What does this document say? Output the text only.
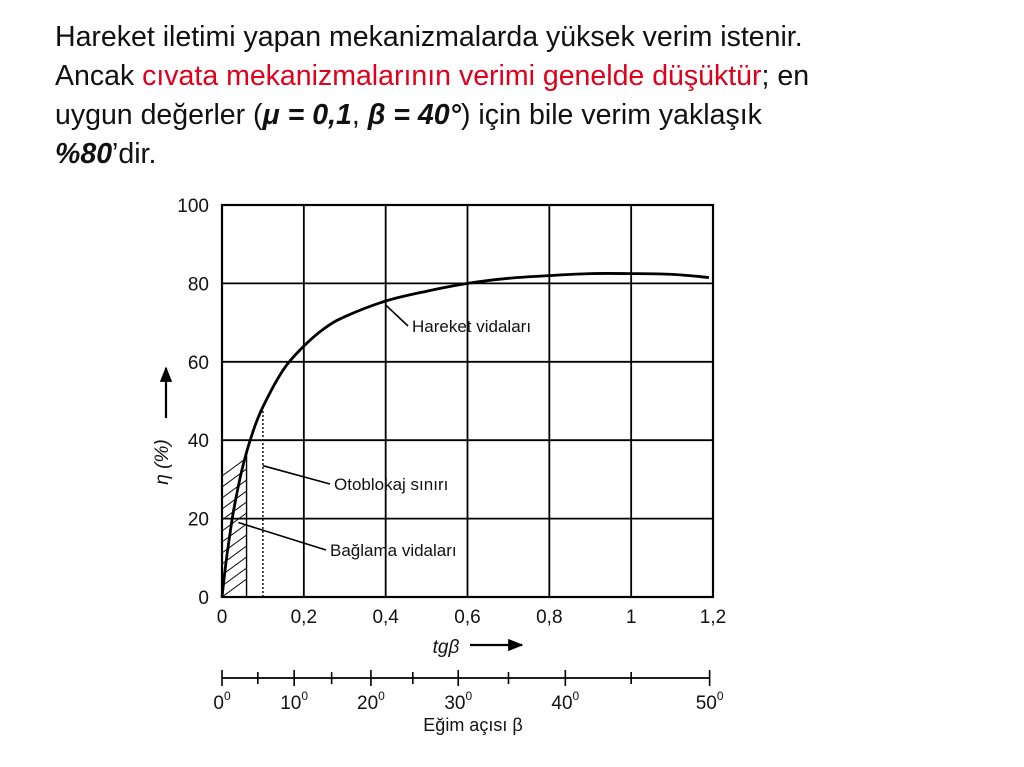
Hareket iletimi yapan mekanizmalarda yüksek verim istenir.
Ancak cıvata mekanizmalarının verimi genelde düşüktür; en
uygun değerler (μ = 0,1, β = 40°) için bile verim yaklaşık
%80’dir.

0
20
40
60
80
100
0	0,2	0,4	0,6	0,8	1	1,2
$0^0$	$10^0$	$20^0$	$30^0$	$40^0$	$50^0$
Hareket vidaları
Otoblokaj sınırı
Bağlama vidaları
η (%)
tgβ
Eğim açısı β
